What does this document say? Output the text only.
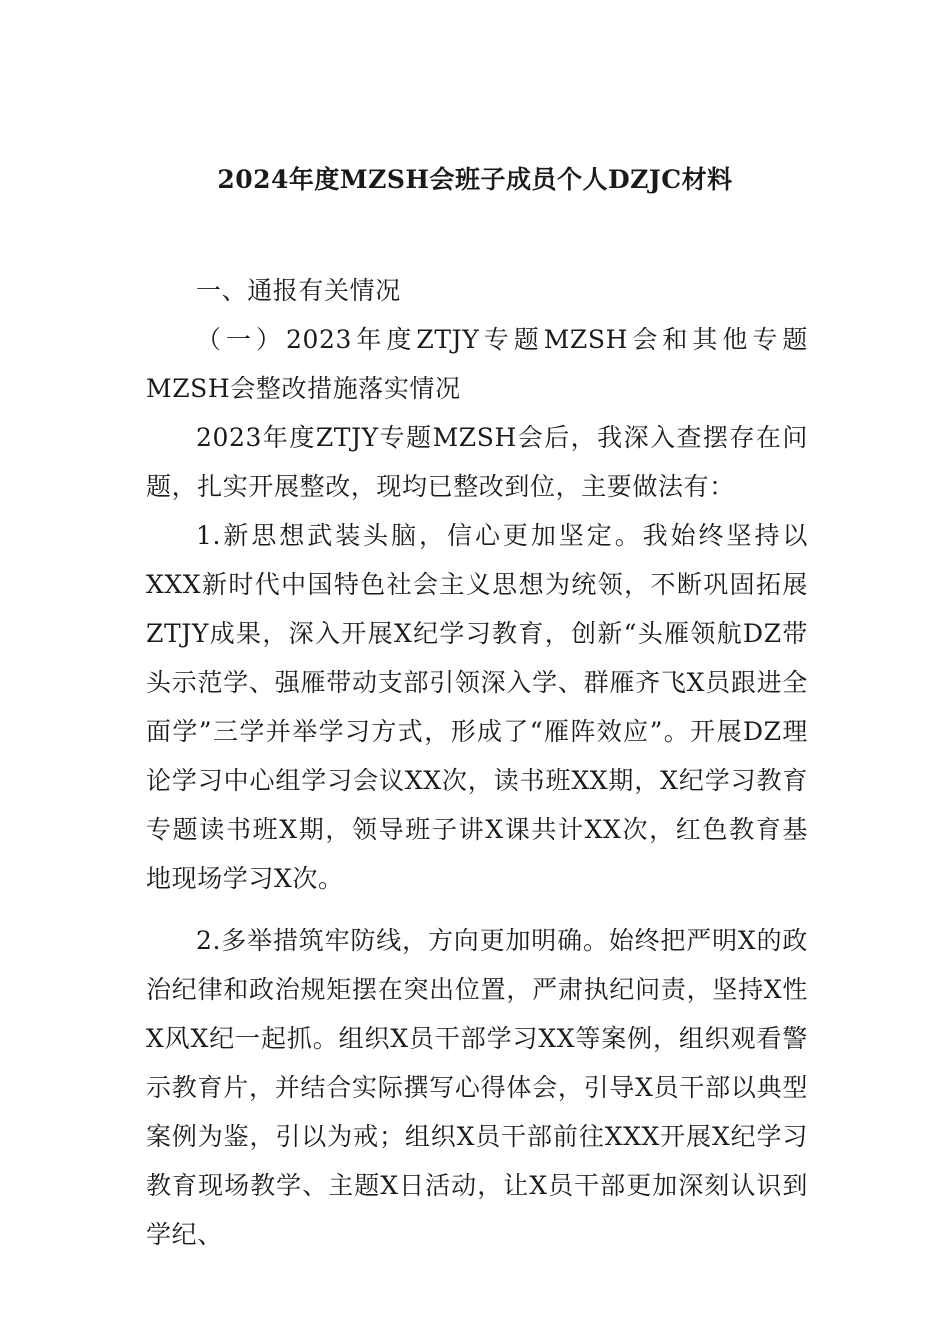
2024年度MZSH会班子成员个人DZJC材料

一、通报有关情况

（一）2023年度ZTJY专题MZSH会和其他专题MZSH会整改措施落实情况

2023年度ZTJY专题MZSH会后，我深入查摆存在问题，扎实开展整改，现均已整改到位，主要做法有：

1.新思想武装头脑，信心更加坚定。我始终坚持以XXX新时代中国特色社会主义思想为统领，不断巩固拓展ZTJY成果，深入开展X纪学习教育，创新“头雁领航DZ带头示范学、强雁带动支部引领深入学、群雁齐飞X员跟进全面学”三学并举学习方式，形成了“雁阵效应”。开展DZ理论学习中心组学习会议XX次，读书班XX期，X纪学习教育专题读书班X期，领导班子讲X课共计XX次，红色教育基地现场学习X次。

2.多举措筑牢防线，方向更加明确。始终把严明X的政治纪律和政治规矩摆在突出位置，严肃执纪问责，坚持X性X风X纪一起抓。组织X员干部学习XX等案例，组织观看警示教育片，并结合实际撰写心得体会，引导X员干部以典型案例为鉴，引以为戒；组织X员干部前往XXX开展X纪学习教育现场教学、主题X日活动，让X员干部更加深刻认识到学纪、
